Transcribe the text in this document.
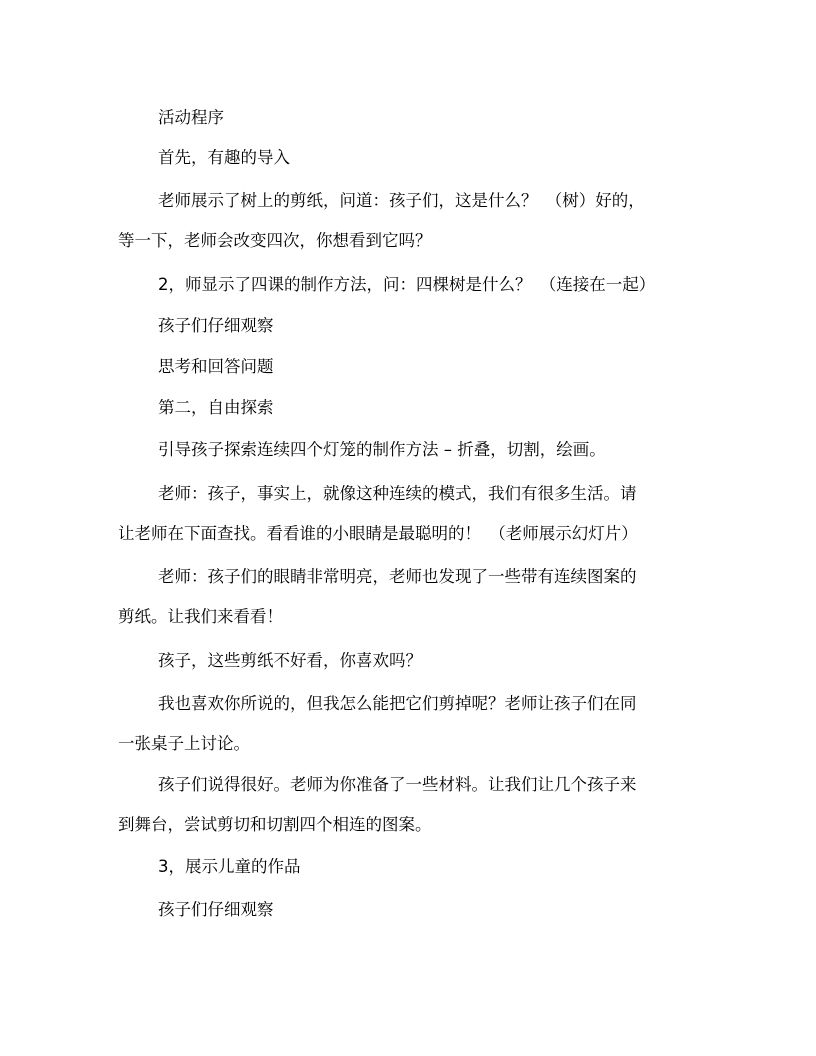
活动程序
首先，有趣的导入
老师展示了树上的剪纸，问道：孩子们，这是什么？　（树）好的，
等一下，老师会改变四次，你想看到它吗？
2，师显示了四课的制作方法，问：四棵树是什么？　（连接在一起）
孩子们仔细观察
思考和回答问题
第二，自由探索
引导孩子探索连续四个灯笼的制作方法 – 折叠，切割，绘画。
老师：孩子，事实上，就像这种连续的模式，我们有很多生活。请
让老师在下面查找。看看谁的小眼睛是最聪明的！　（老师展示幻灯片）
老师：孩子们的眼睛非常明亮，老师也发现了一些带有连续图案的
剪纸。让我们来看看！
孩子，这些剪纸不好看，你喜欢吗？
我也喜欢你所说的，但我怎么能把它们剪掉呢？老师让孩子们在同
一张桌子上讨论。
孩子们说得很好。老师为你准备了一些材料。让我们让几个孩子来
到舞台，尝试剪切和切割四个相连的图案。
3，展示儿童的作品
孩子们仔细观察
